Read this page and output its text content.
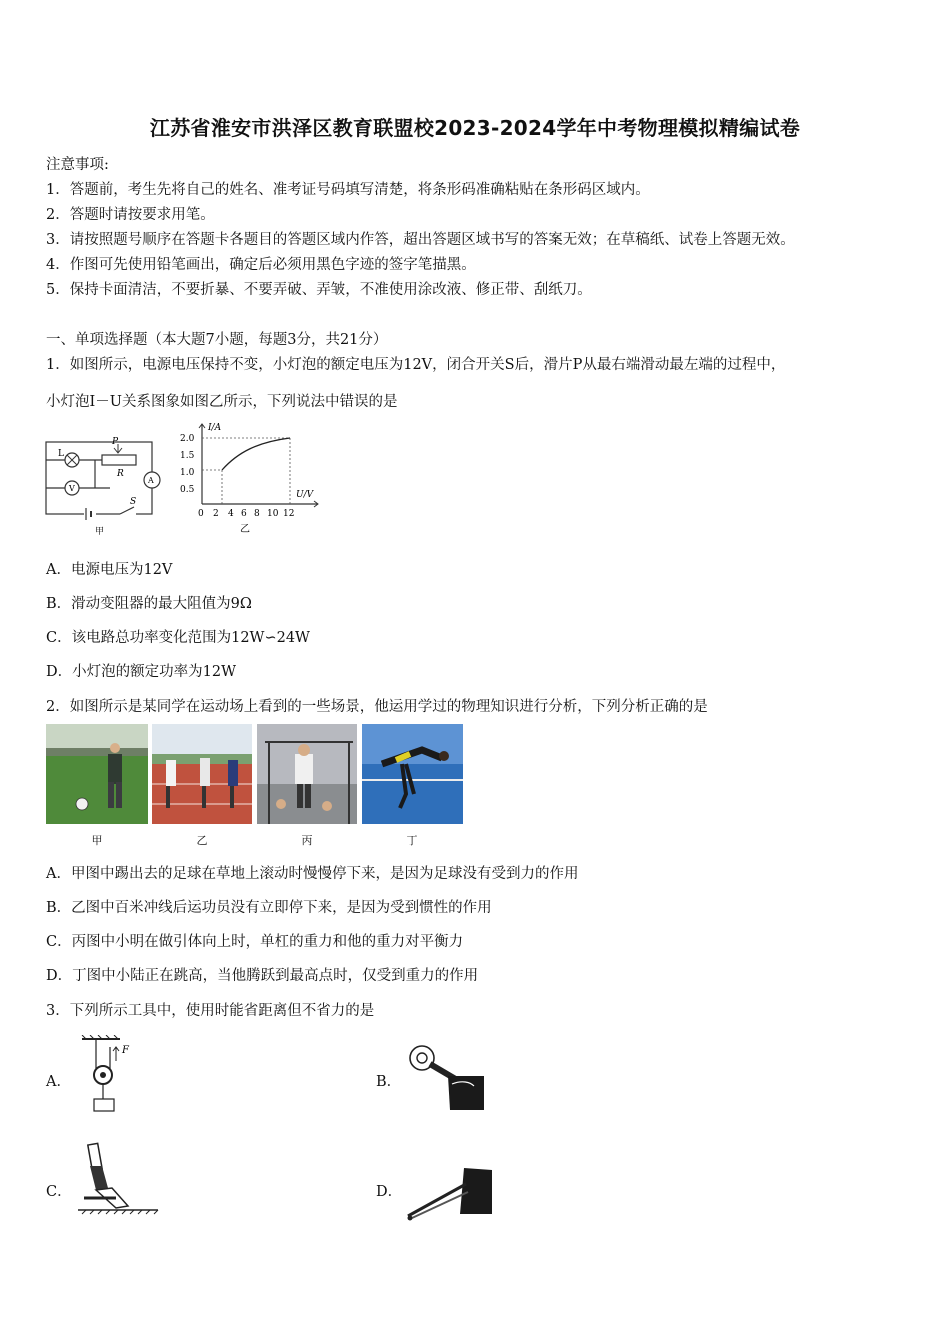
江苏省淮安市洪泽区教育联盟校2023-2024学年中考物理模拟精编试卷
注意事项:
1．答题前，考生先将自己的姓名、准考证号码填写清楚，将条形码准确粘贴在条形码区域内。
2．答题时请按要求用笔。
3．请按照题号顺序在答题卡各题目的答题区域内作答，超出答题区域书写的答案无效；在草稿纸、试卷上答题无效。
4．作图可先使用铅笔画出，确定后必须用黑色字迹的签字笔描黑。
5．保持卡面清洁，不要折暴、不要弄破、弄皱，不准使用涂改液、修正带、刮纸刀。
一、单项选择题（本大题7小题，每题3分，共21分）
1．如图所示，电源电压保持不变，小灯泡的额定电压为12V，闭合开关S后，滑片P从最右端滑动最左端的过程中，
小灯泡I－U关系图象如图乙所示，下列说法中错误的是
L
P
R
V
A
S
甲
I/A
U/V
2.0
1.5
1.0
0.5
0 2 4 6 8 10 12
乙
A．电源电压为12V
B．滑动变阻器的最大阻值为9Ω
C．该电路总功率变化范围为12W∽24W
D．小灯泡的额定功率为12W
2．如图所示是某同学在运动场上看到的一些场景，他运用学过的物理知识进行分析，下列分析正确的是
甲	乙	丙	丁
A．甲图中踢出去的足球在草地上滚动时慢慢停下来，是因为足球没有受到力的作用
B．乙图中百米冲线后运功员没有立即停下来，是因为受到惯性的作用
C．丙图中小明在做引体向上时，单杠的重力和他的重力对平衡力
D．丁图中小陆正在跳高，当他腾跃到最高点时，仅受到重力的作用
3．下列所示工具中，使用时能省距离但不省力的是
A．	B．
C．	D．
F
